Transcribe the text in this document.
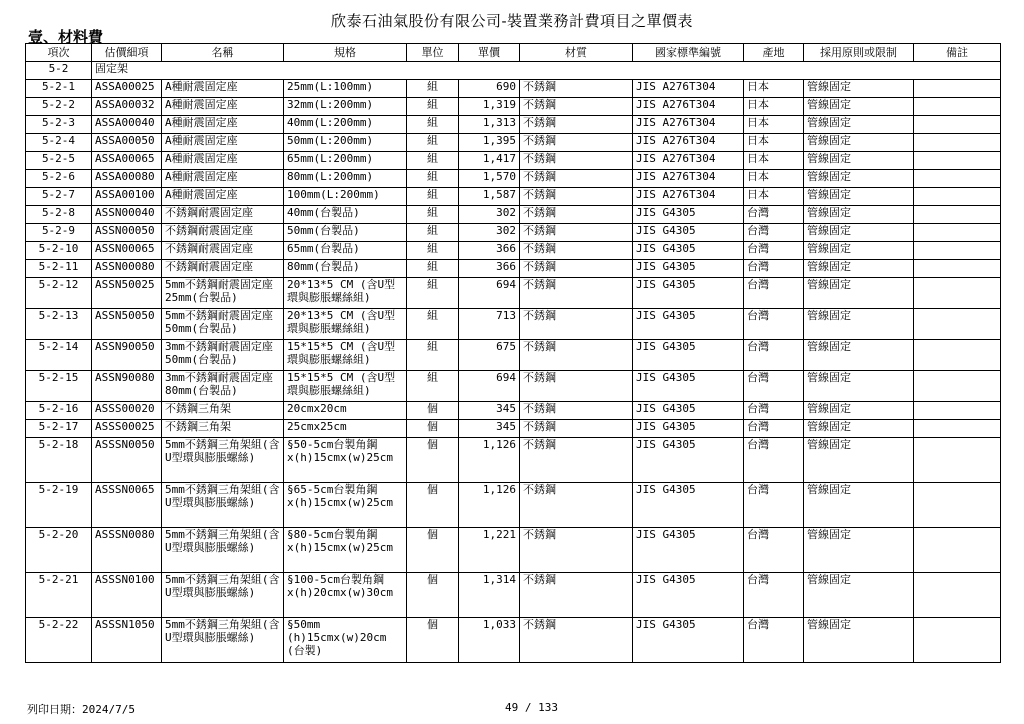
欣泰石油氣股份有限公司-裝置業務計費項目之單價表
壹、材料費
項次	估價細項	名稱	規格	單位	單價	材質	國家標準編號	產地	採用原則或限制	備註
5-2	固定架									
5-2-1	ASSA00025	A種耐震固定座	25mm(L:100mm)	組	690	不銹鋼	JIS A276T304	日本	管線固定	
5-2-2	ASSA00032	A種耐震固定座	32mm(L:200mm)	組	1,319	不銹鋼	JIS A276T304	日本	管線固定	
5-2-3	ASSA00040	A種耐震固定座	40mm(L:200mm)	組	1,313	不銹鋼	JIS A276T304	日本	管線固定	
5-2-4	ASSA00050	A種耐震固定座	50mm(L:200mm)	組	1,395	不銹鋼	JIS A276T304	日本	管線固定	
5-2-5	ASSA00065	A種耐震固定座	65mm(L:200mm)	組	1,417	不銹鋼	JIS A276T304	日本	管線固定	
5-2-6	ASSA00080	A種耐震固定座	80mm(L:200mm)	組	1,570	不銹鋼	JIS A276T304	日本	管線固定	
5-2-7	ASSA00100	A種耐震固定座	100mm(L:200mm)	組	1,587	不銹鋼	JIS A276T304	日本	管線固定	
5-2-8	ASSN00040	不銹鋼耐震固定座	40mm(台製品)	組	302	不銹鋼	JIS G4305	台灣	管線固定	
5-2-9	ASSN00050	不銹鋼耐震固定座	50mm(台製品)	組	302	不銹鋼	JIS G4305	台灣	管線固定	
5-2-10	ASSN00065	不銹鋼耐震固定座	65mm(台製品)	組	366	不銹鋼	JIS G4305	台灣	管線固定	
5-2-11	ASSN00080	不銹鋼耐震固定座	80mm(台製品)	組	366	不銹鋼	JIS G4305	台灣	管線固定	
5-2-12	ASSN50025	5mm不銹鋼耐震固定座  25mm(台製品)	20*13*5 CM (含U型環與膨脹螺絲組)	組	694	不銹鋼	JIS G4305	台灣	管線固定	
5-2-13	ASSN50050	5mm不銹鋼耐震固定座  50mm(台製品)	20*13*5 CM (含U型環與膨脹螺絲組)	組	713	不銹鋼	JIS G4305	台灣	管線固定	
5-2-14	ASSN90050	3mm不銹鋼耐震固定座  50mm(台製品)	15*15*5 CM (含U型環與膨脹螺絲組)	組	675	不銹鋼	JIS G4305	台灣	管線固定	
5-2-15	ASSN90080	3mm不銹鋼耐震固定座  80mm(台製品)	15*15*5 CM (含U型環與膨脹螺絲組)	組	694	不銹鋼	JIS G4305	台灣	管線固定	
5-2-16	ASSS00020	不銹鋼三角架	20cmx20cm	個	345	不銹鋼	JIS G4305	台灣	管線固定	
5-2-17	ASSS00025	不銹鋼三角架	25cmx25cm	個	345	不銹鋼	JIS G4305	台灣	管線固定	
5-2-18	ASSSN0050	5mm不銹鋼三角架組(含U型環與膨脹螺絲)	§50-5cm台製角鋼x(h)15cmx(w)25cm	個	1,126	不銹鋼	JIS G4305	台灣	管線固定	
5-2-19	ASSSN0065	5mm不銹鋼三角架組(含U型環與膨脹螺絲)	§65-5cm台製角鋼x(h)15cmx(w)25cm	個	1,126	不銹鋼	JIS G4305	台灣	管線固定	
5-2-20	ASSSN0080	5mm不銹鋼三角架組(含U型環與膨脹螺絲)	§80-5cm台製角鋼x(h)15cmx(w)25cm	個	1,221	不銹鋼	JIS G4305	台灣	管線固定	
5-2-21	ASSSN0100	5mm不銹鋼三角架組(含U型環與膨脹螺絲)	§100-5cm台製角鋼x(h)20cmx(w)30cm	個	1,314	不銹鋼	JIS G4305	台灣	管線固定	
5-2-22	ASSSN1050	5mm不銹鋼三角架組(含U型環與膨脹螺絲)	§50mm (h)15cmx(w)20cm (台製)	個	1,033	不銹鋼	JIS G4305	台灣	管線固定	
列印日期：2024/7/5	49 / 133
